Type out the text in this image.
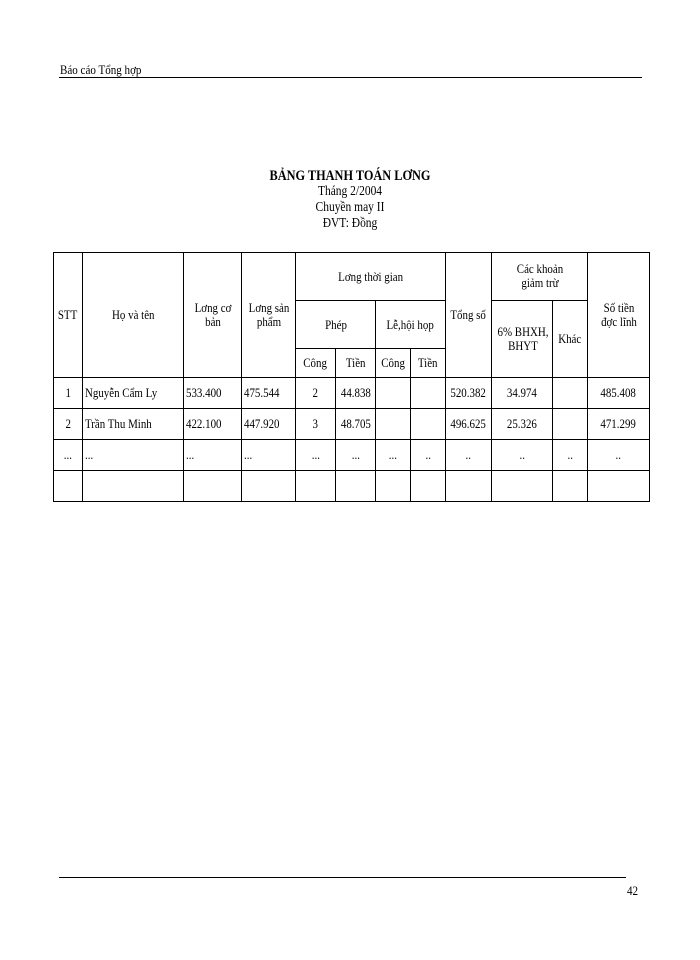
Báo cáo Tổng hợp
BẢNG THANH TOÁN LƠNG
Tháng 2/2004
Chuyền may II
ĐVT: Đồng
STT	Họ và tên	Lơng cơ bản	Lơng sản phẩm	Lơng thời gian				Tổng số	Các khoản giảm trừ		Số tiền đợc lĩnh
				Phép		Lễ,hội họp			6% BHXH, BHYT	Khác	
				Công	Tiền	Công	Tiền				
1	Nguyễn Cẩm Ly	533.400	475.544	2	44.838			520.382	34.974		485.408
2	Trần Thu Minh	422.100	447.920	3	48.705			496.625	25.326		471.299
...	...	...	...	...	...	...	..	..	..	..	..

42
